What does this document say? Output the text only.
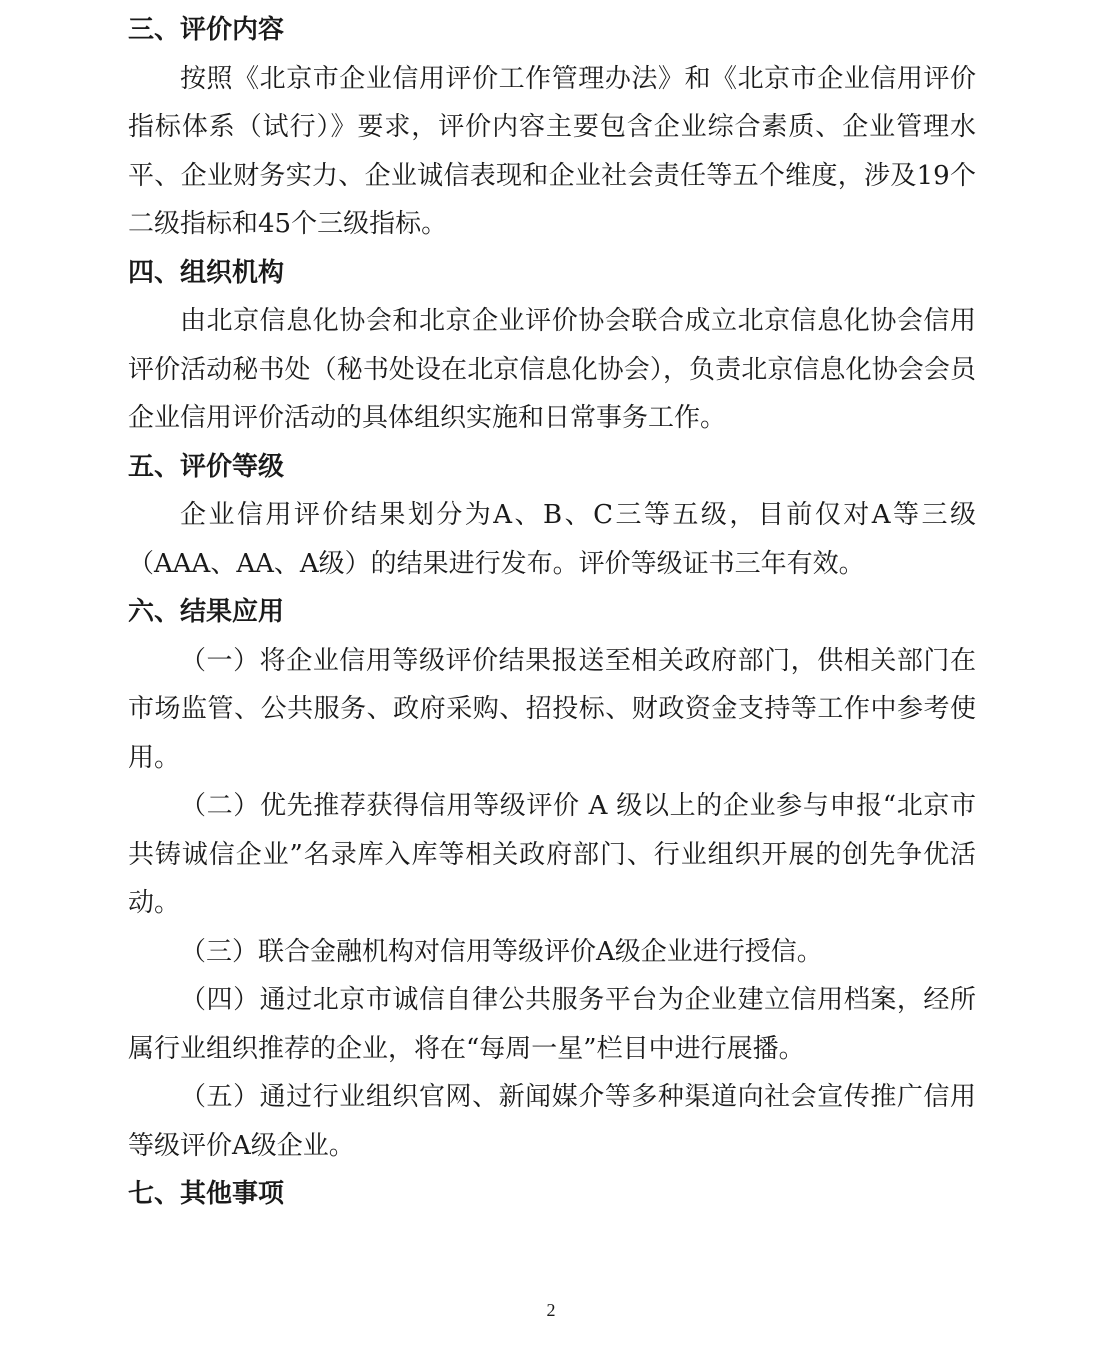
三、评价内容

按照《北京市企业信用评价工作管理办法》和《北京市企业信用评价指标体系（试行）》要求，评价内容主要包含企业综合素质、企业管理水平、企业财务实力、企业诚信表现和企业社会责任等五个维度，涉及19个二级指标和45个三级指标。

四、组织机构

由北京信息化协会和北京企业评价协会联合成立北京信息化协会信用评价活动秘书处（秘书处设在北京信息化协会），负责北京信息化协会会员企业信用评价活动的具体组织实施和日常事务工作。

五、评价等级

企业信用评价结果划分为A、B、C三等五级，目前仅对A等三级（AAA、AA、A级）的结果进行发布。评价等级证书三年有效。

六、结果应用

（一）将企业信用等级评价结果报送至相关政府部门，供相关部门在市场监管、公共服务、政府采购、招投标、财政资金支持等工作中参考使用。

（二）优先推荐获得信用等级评价 A 级以上的企业参与申报“北京市共铸诚信企业”名录库入库等相关政府部门、行业组织开展的创先争优活动。

（三）联合金融机构对信用等级评价A级企业进行授信。

（四）通过北京市诚信自律公共服务平台为企业建立信用档案，经所属行业组织推荐的企业，将在“每周一星”栏目中进行展播。

（五）通过行业组织官网、新闻媒介等多种渠道向社会宣传推广信用等级评价A级企业。

七、其他事项
2
